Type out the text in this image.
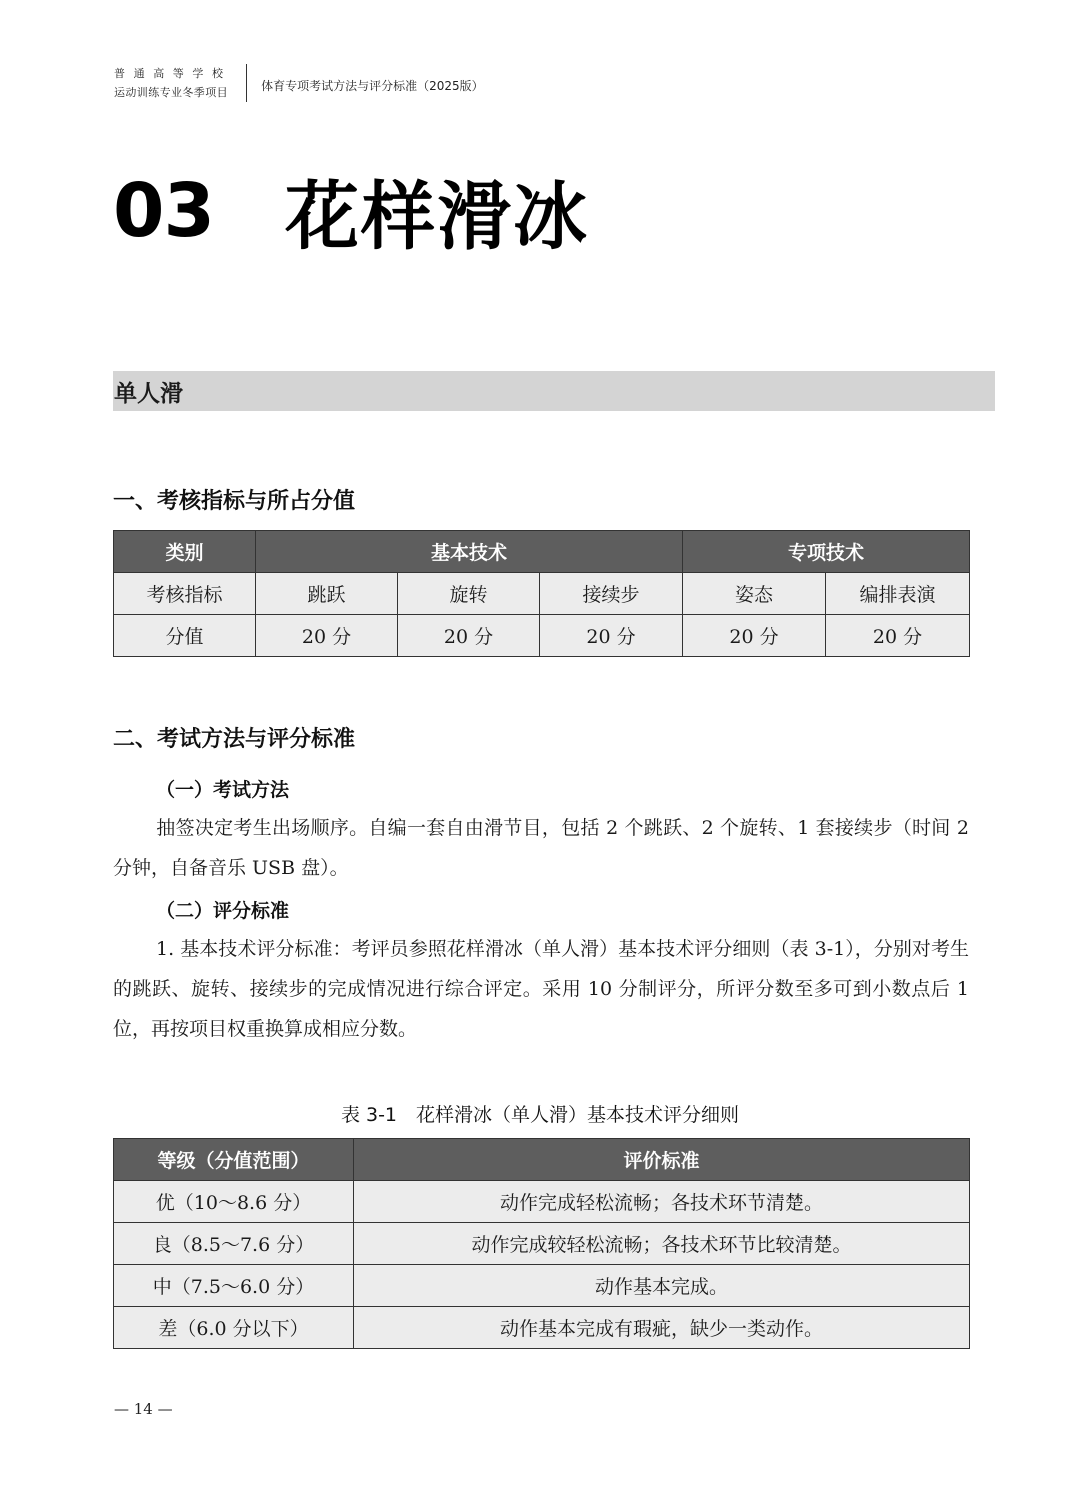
普通高等学校
运动训练专业冬季项目	体育专项考试方法与评分标准（2025版）
03 花样滑冰
单人滑
一、考核指标与所占分值
类别	基本技术			专项技术	
考核指标	跳跃	旋转	接续步	姿态	编排表演
分值	20 分	20 分	20 分	20 分	20 分
二、考试方法与评分标准
（一）考试方法
抽签决定考生出场顺序。自编一套自由滑节目，包括 2 个跳跃、2 个旋转、1 套接续步（时间 2 分钟，自备音乐 USB 盘）。
（二）评分标准
1. 基本技术评分标准：考评员参照花样滑冰（单人滑）基本技术评分细则（表 3-1），分别对考生的跳跃、旋转、接续步的完成情况进行综合评定。采用 10 分制评分，所评分数至多可到小数点后 1 位，再按项目权重换算成相应分数。
表 3-1　花样滑冰（单人滑）基本技术评分细则
等级（分值范围）	评价标准
优（10～8.6 分）	动作完成轻松流畅；各技术环节清楚。
良（8.5～7.6 分）	动作完成较轻松流畅；各技术环节比较清楚。
中（7.5～6.0 分）	动作基本完成。
差（6.0 分以下）	动作基本完成有瑕疵，缺少一类动作。
— 14 —
